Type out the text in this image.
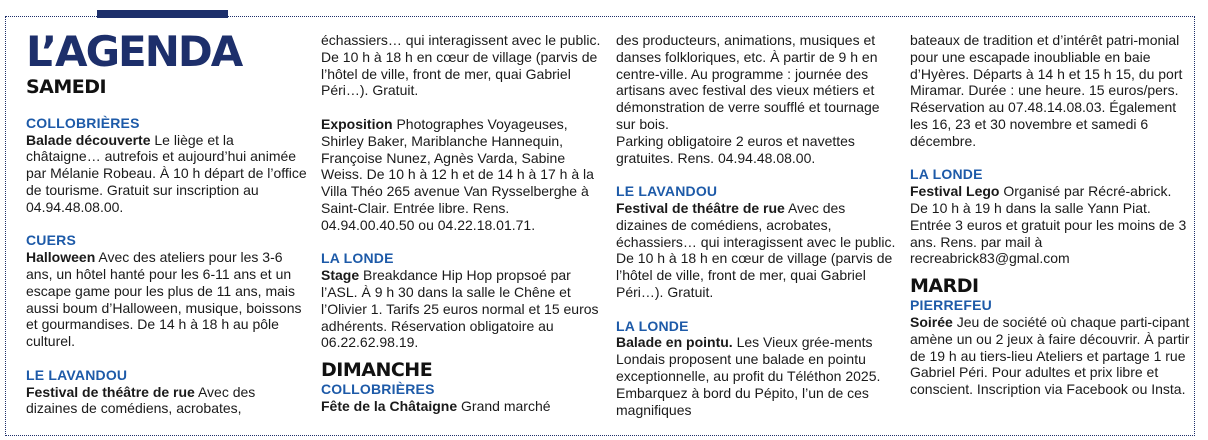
L’AGENDA

SAMEDI

COLLOBRIÈRES

Balade découverte Le liège et la châtaigne… autrefois et aujourd’hui animée par Mélanie Robeau. À 10 h départ de l’office de tourisme. Gratuit sur inscription au 04.94.48.08.00.

CUERS

Halloween Avec des ateliers pour les 3-6 ans, un hôtel hanté pour les 6-11 ans et un escape game pour les plus de 11 ans, mais aussi boum d’Halloween, musique, boissons et gourmandises. De 14 h à 18 h au pôle culturel.

LE LAVANDOU

Festival de théâtre de rue Avec des dizaines de comédiens, acrobates,

échassiers… qui interagissent avec le public. De 10 h à 18 h en cœur de village (parvis de l’hôtel de ville, front de mer, quai Gabriel Péri…). Gratuit.

Exposition Photographes Voyageuses, Shirley Baker, Mariblanche Hannequin, Françoise Nunez, Agnès Varda, Sabine Weiss. De 10 h à 12 h et de 14 h à 17 h à la Villa Théo 265 avenue Van Rysselberghe à Saint-Clair. Entrée libre. Rens. 04.94.00.40.50 ou 04.22.18.01.71.

LA LONDE

Stage Breakdance Hip Hop propsoé par l’ASL. À 9 h 30 dans la salle le Chêne et l’Olivier 1. Tarifs 25 euros normal et 15 euros adhérents. Réservation obligatoire au 06.22.62.98.19.

DIMANCHE

COLLOBRIÈRES

Fête de la Châtaigne Grand marché

des producteurs, animations, musiques et danses folkloriques, etc. À partir de 9 h en centre-ville. Au programme : journée des artisans avec festival des vieux métiers et démonstration de verre soufflé et tournage sur bois.

Parking obligatoire 2 euros et navettes gratuites. Rens. 04.94.48.08.00.

LE LAVANDOU

Festival de théâtre de rue Avec des dizaines de comédiens, acrobates, échassiers… qui interagissent avec le public. De 10 h à 18 h en cœur de village (parvis de l’hôtel de ville, front de mer, quai Gabriel Péri…). Gratuit.

LA LONDE

Balade en pointu. Les Vieux grée-ments Londais proposent une balade en pointu exceptionnelle, au profit du Téléthon 2025. Embarquez à bord du Pépito, l’un de ces magnifiques

bateaux de tradition et d’intérêt patri-monial pour une escapade inoubliable en baie d’Hyères. Départs à 14 h et 15 h 15, du port Miramar. Durée : une heure. 15 euros/pers. Réservation au 07.48.14.08.03. Également les 16, 23 et 30 novembre et samedi 6 décembre.

LA LONDE

Festival Lego Organisé par Récré-abrick. De 10 h à 19 h dans la salle Yann Piat. Entrée 3 euros et gratuit pour les moins de 3 ans. Rens. par mail à recreabrick83@gmal.com

MARDI

PIERREFEU

Soirée Jeu de société où chaque parti-cipant amène un ou 2 jeux à faire découvrir. À partir de 19 h au tiers-lieu Ateliers et partage 1 rue Gabriel Péri. Pour adultes et prix libre et conscient. Inscription via Facebook ou Insta.
